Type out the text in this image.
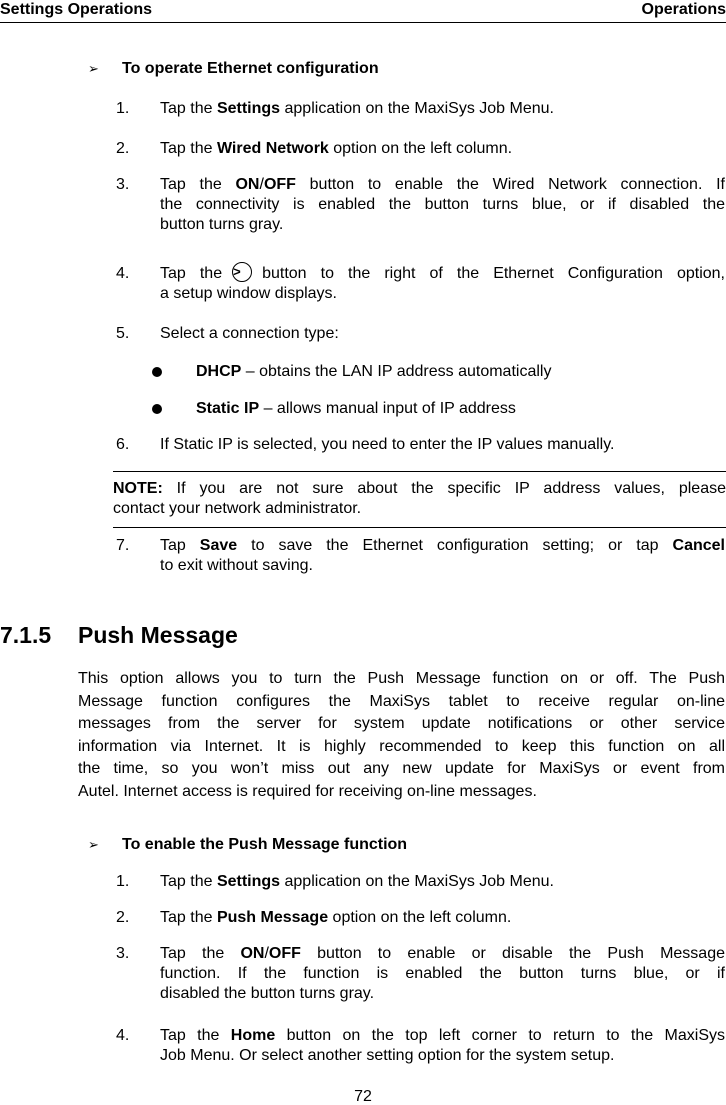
Settings Operations	Operations
➢ To operate Ethernet configuration
1.	Tap the Settings application on the MaxiSys Job Menu.
2.	Tap the Wired Network option on the left column.
3.	Tap the ON/OFF button to enable the Wired Network connection. If
the connectivity is enabled the button turns blue, or if disabled the
button turns gray.
4.	Tap the > button to the right of the Ethernet Configuration option,
a setup window displays.
5.	Select a connection type:
DHCP – obtains the LAN IP address automatically
Static IP – allows manual input of IP address
6.	If Static IP is selected, you need to enter the IP values manually.
NOTE: If you are not sure about the specific IP address values, please
contact your network administrator.
7.	Tap Save to save the Ethernet configuration setting; or tap Cancel
to exit without saving.
7.1.5 Push Message
This option allows you to turn the Push Message function on or off. The Push
Message function configures the MaxiSys tablet to receive regular on-line
messages from the server for system update notifications or other service
information via Internet. It is highly recommended to keep this function on all
the time, so you won’t miss out any new update for MaxiSys or event from
Autel. Internet access is required for receiving on-line messages.
➢ To enable the Push Message function
1.	Tap the Settings application on the MaxiSys Job Menu.
2.	Tap the Push Message option on the left column.
3.	Tap the ON/OFF button to enable or disable the Push Message
function. If the function is enabled the button turns blue, or if
disabled the button turns gray.
4.	Tap the Home button on the top left corner to return to the MaxiSys
Job Menu. Or select another setting option for the system setup.
72
